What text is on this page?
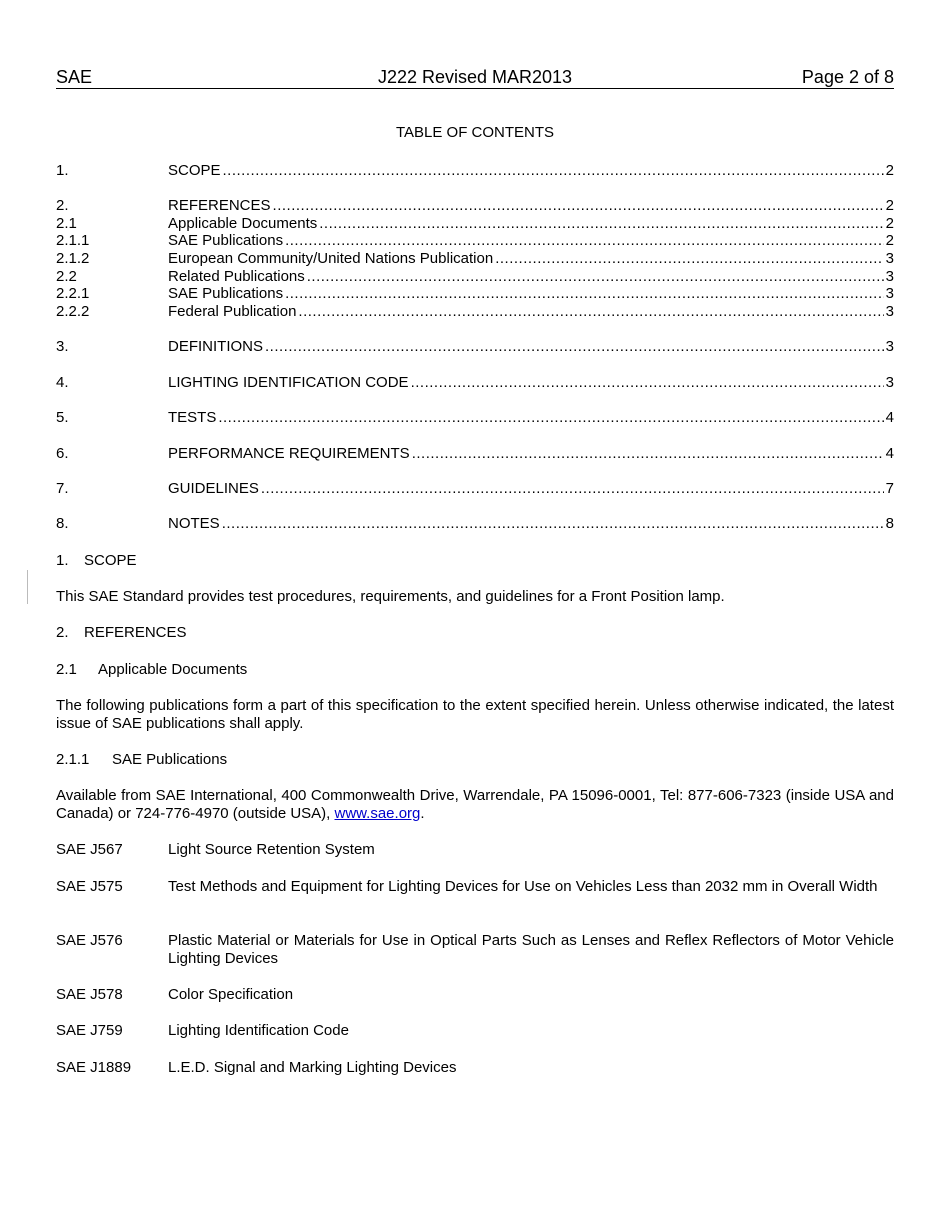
SAE	J222 Revised MAR2013	Page 2 of 8
TABLE OF CONTENTS
1.	SCOPE .....	2
2.	REFERENCES .....	2
2.1	Applicable Documents .....	2
2.1.1	SAE Publications .....	2
2.1.2	European Community/United Nations Publication .....	3
2.2	Related Publications .....	3
2.2.1	SAE Publications .....	3
2.2.2	Federal Publication .....	3
3.	DEFINITIONS .....	3
4.	LIGHTING IDENTIFICATION CODE .....	3
5.	TESTS .....	4
6.	PERFORMANCE REQUIREMENTS .....	4
7.	GUIDELINES .....	7
8.	NOTES .....	8
1. SCOPE
This SAE Standard provides test procedures, requirements, and guidelines for a Front Position lamp.
2. REFERENCES
2.1 Applicable Documents
The following publications form a part of this specification to the extent specified herein. Unless otherwise indicated, the latest issue of SAE publications shall apply.
2.1.1 SAE Publications
Available from SAE International, 400 Commonwealth Drive, Warrendale, PA 15096-0001, Tel: 877-606-7323 (inside USA and Canada) or 724-776-4970 (outside USA), www.sae.org.
SAE J567	Light Source Retention System
SAE J575	Test Methods and Equipment for Lighting Devices for Use on Vehicles Less than 2032 mm in Overall Width
SAE J576	Plastic Material or Materials for Use in Optical Parts Such as Lenses and Reflex Reflectors of Motor Vehicle Lighting Devices
SAE J578	Color Specification
SAE J759	Lighting Identification Code
SAE J1889 L.E.D. Signal and Marking Lighting Devices
